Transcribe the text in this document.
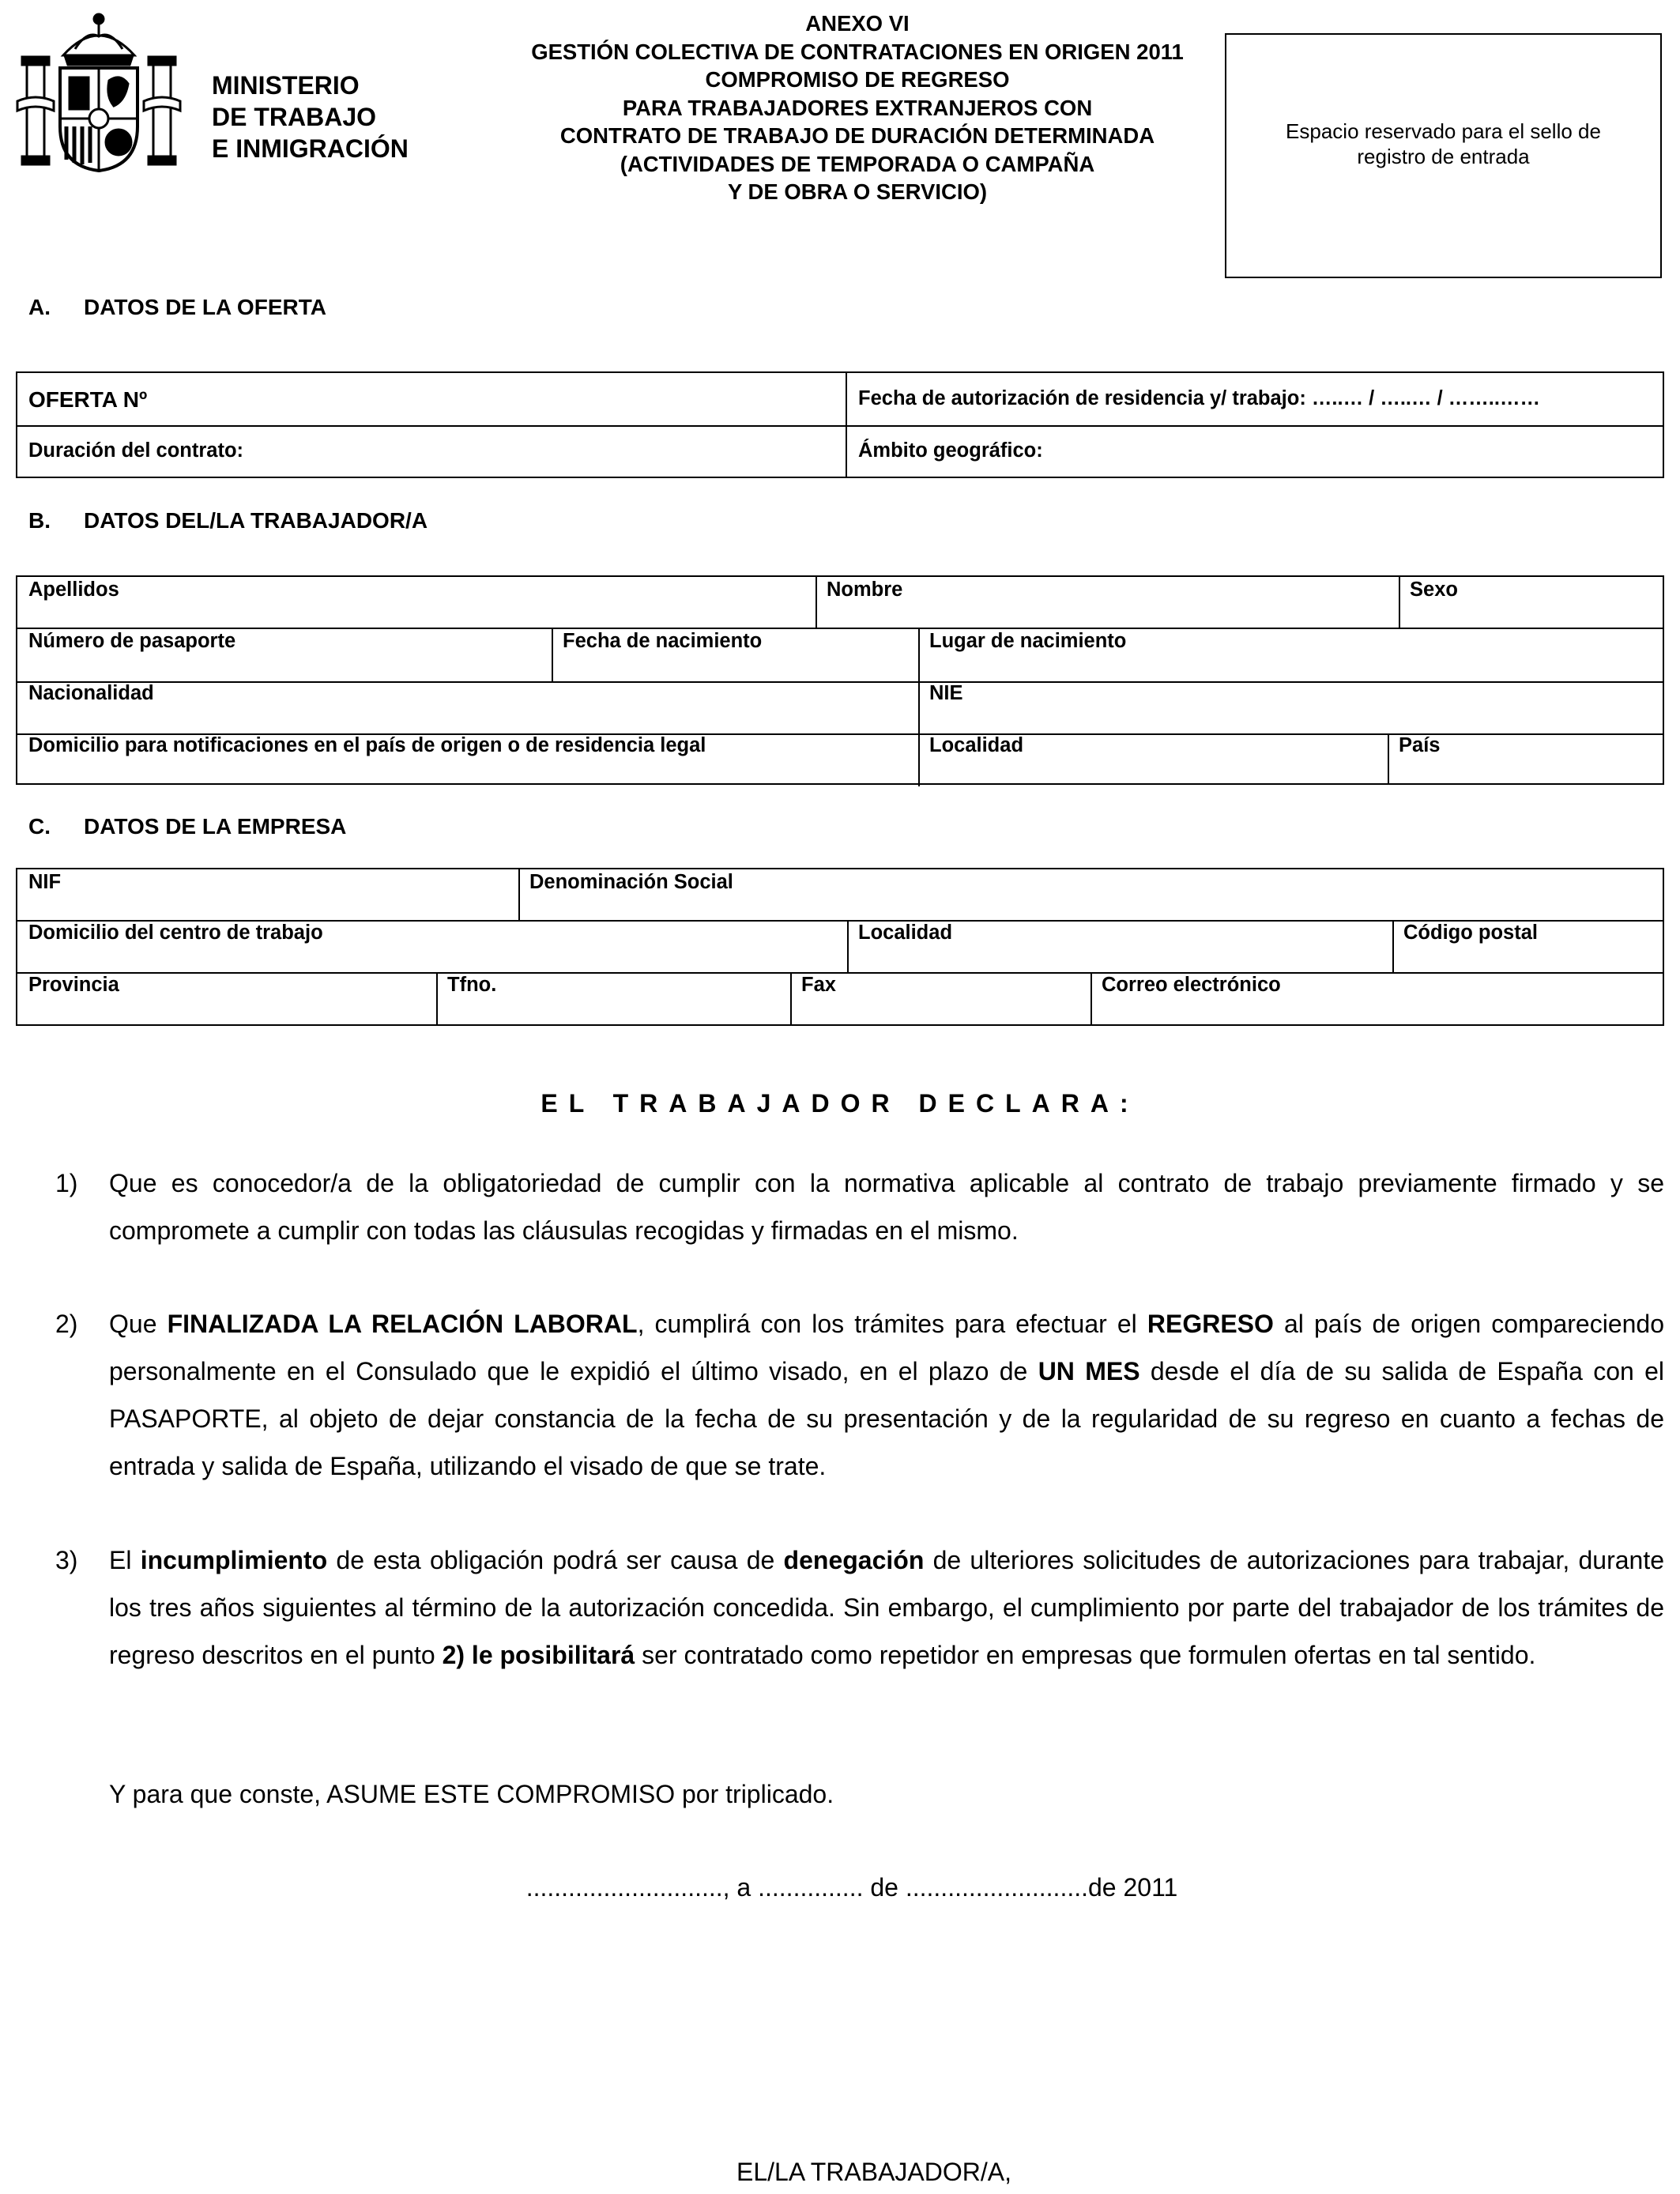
MINISTERIO
DE TRABAJO
E INMIGRACIÓN
ANEXO VI
GESTIÓN COLECTIVA DE CONTRATACIONES EN ORIGEN 2011
COMPROMISO DE REGRESO
PARA TRABAJADORES EXTRANJEROS CON
CONTRATO DE TRABAJO DE DURACIÓN DETERMINADA
(ACTIVIDADES DE TEMPORADA O CAMPAÑA
Y DE OBRA O SERVICIO)
Espacio reservado para el sello de registro de entrada
A. DATOS DE LA OFERTA
OFERTA Nº	Fecha de autorización de residencia y/ trabajo: …..… / …..… / ……..……
Duración del contrato:	Ámbito geográfico:
B. DATOS DEL/LA TRABAJADOR/A
Apellidos	Nombre	Sexo
Número de pasaporte	Fecha de nacimiento	Lugar de nacimiento
Nacionalidad	NIE
Domicilio para notificaciones en el país de origen o de residencia legal	Localidad	País
C. DATOS DE LA EMPRESA
NIF	Denominación Social
Domicilio del centro de trabajo	Localidad	Código postal
Provincia	Tfno.	Fax	Correo electrónico
EL TRABAJADOR DECLARA:
1) Que es conocedor/a de la obligatoriedad de cumplir con la normativa aplicable al contrato de trabajo previamente firmado y se compromete a cumplir con todas las cláusulas recogidas y firmadas en el mismo.
2) Que FINALIZADA LA RELACIÓN LABORAL, cumplirá con los trámites para efectuar el REGRESO al país de origen compareciendo personalmente en el Consulado que le expidió el último visado, en el plazo de UN MES desde el día de su salida de España con el PASAPORTE, al objeto de dejar constancia de la fecha de su presentación y de la regularidad de su regreso en cuanto a fechas de entrada y salida de España, utilizando el visado de que se trate.
3) El incumplimiento de esta obligación podrá ser causa de denegación de ulteriores solicitudes de autorizaciones para trabajar, durante los tres años siguientes al término de la autorización concedida. Sin embargo, el cumplimiento por parte del trabajador de los trámites de regreso descritos en el punto 2) le posibilitará ser contratado como repetidor en empresas que formulen ofertas en tal sentido.
Y para que conste, ASUME ESTE COMPROMISO por triplicado.
............................, a ............... de ..........................de 2011
EL/LA TRABAJADOR/A,
